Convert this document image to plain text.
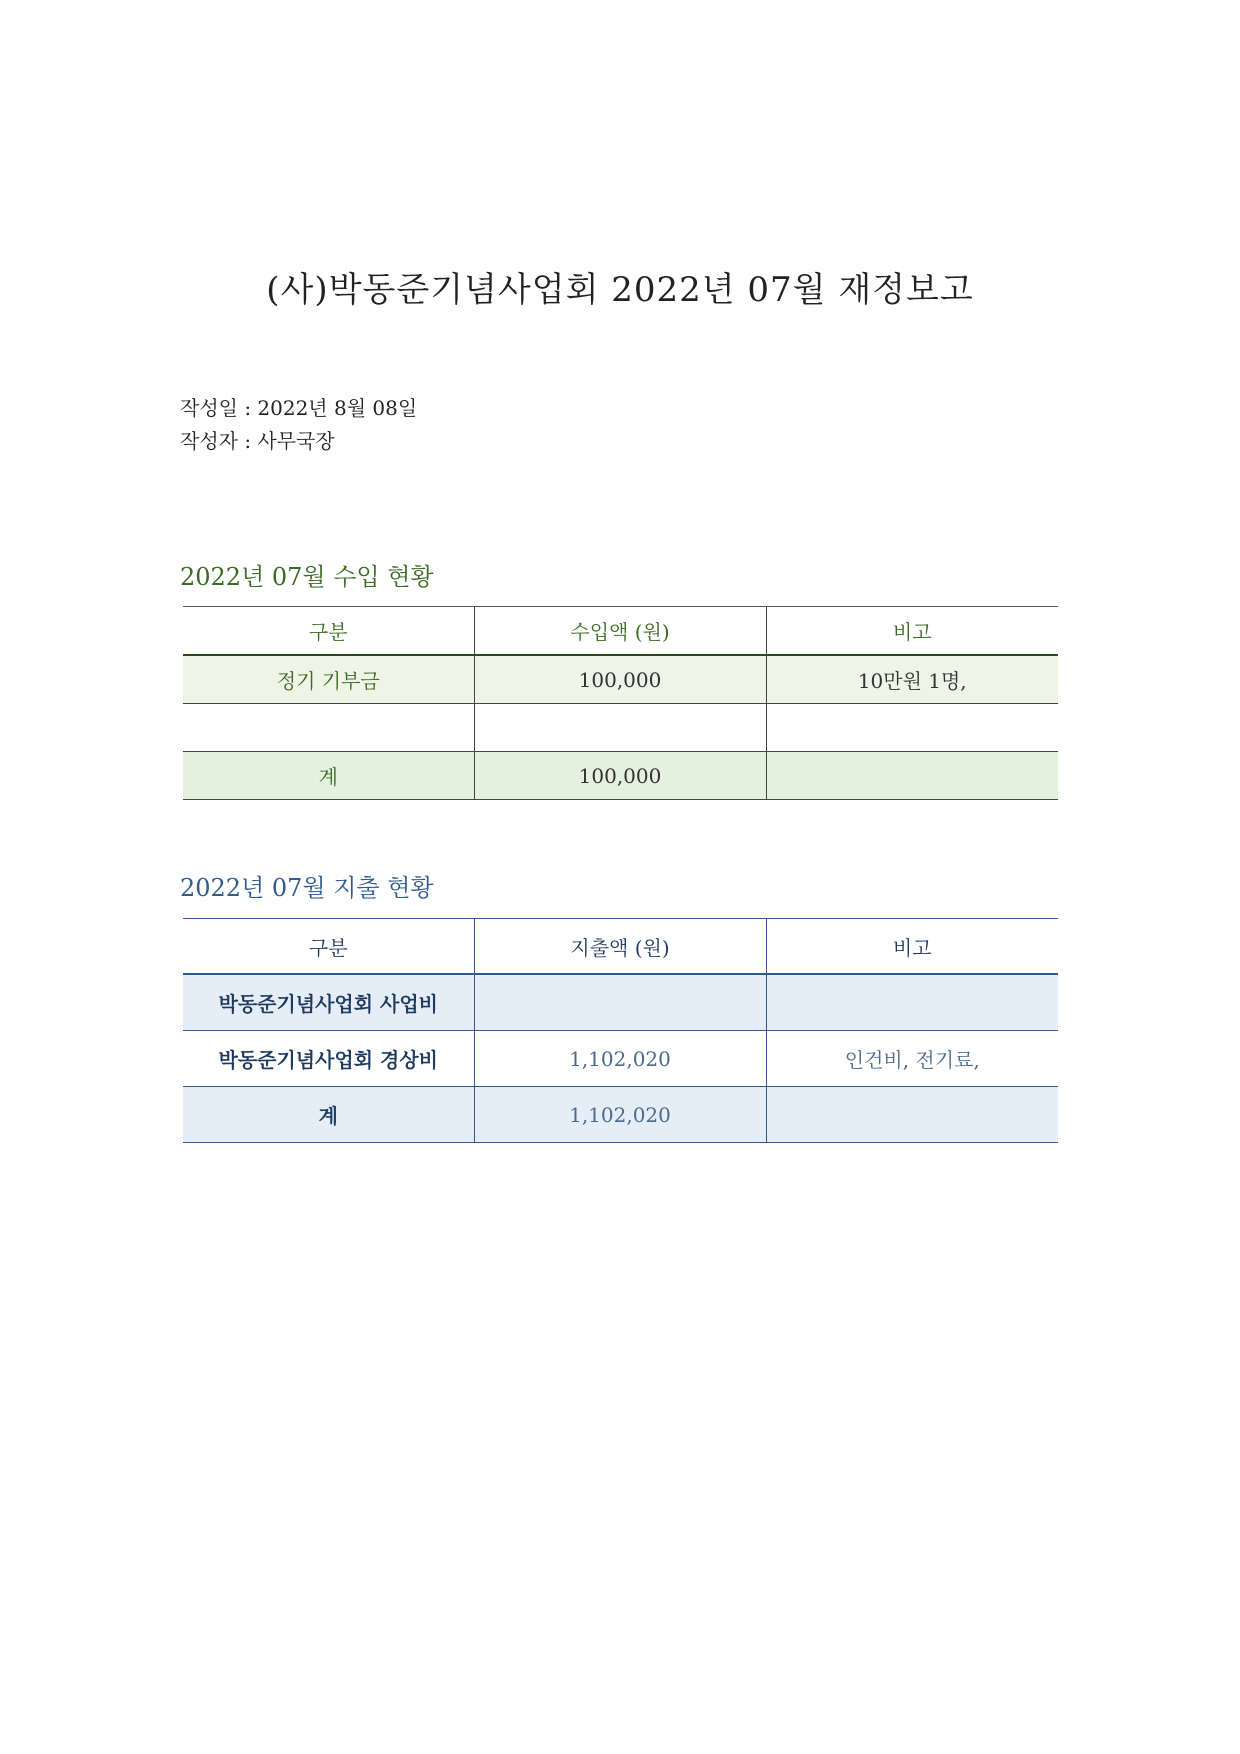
(사)박동준기념사업회 2022년 07월 재정보고
작성일 : 2022년 8월 08일
작성자 : 사무국장
2022년 07월 수입 현황
구분	수입액 (원)	비고
정기 기부금	100,000	10만원 1명,

계	100,000	
2022년 07월 지출 현황
구분	지출액 (원)	비고
박동준기념사업회 사업비		
박동준기념사업회 경상비	1,102,020	인건비, 전기료,
계	1,102,020	
